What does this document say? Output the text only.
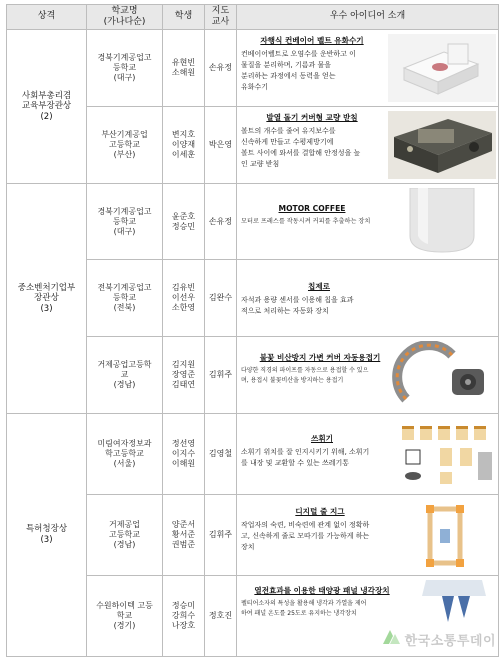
상격	학교명
(가나다순)	학생	지도
교사	우수 아이디어 소개
사회부총리겸
교육부장관상
(2)	경북기계공업고
등학교
(대구)	유현빈
소해원	손유정	자행식 컨베이어 벨트 유화수기
컨베이어벨트로 오염수를 운반하고 이
물질을 분리하며, 기름과 물을
분리하는 과정에서 동력을 얻는
유화수기

	부산기계공업
고등학교
(부산)	변지호
이양재
이세훈	박은영	발열 돌기 커버형 교량 받침
볼트의 개수를 줄여 유지보수를
신속하게 만들고 수평제방기에
볼트 사이에 와셔를 결합해 안정성을 높
인 교량 받침

중소벤처기업부
장관상
(3)	경북기계공업고
등학교
(대구)	윤준호
정승민	손유정	MOTOR COFFEE
모터로 프레스를 작동시켜 커피를 추출하는 장치

	전북기계공업고
등학교
(전북)	김유빈
이선우
소한영	김완수	칩제로
자석과 용량 센서를 이용해 칩을 효과
적으로 처리하는 자동화 장치

	거제공업고등학
교
(경남)	김지원
장영준
김태연	김휘주	불꽃 비산방지 가변 커버 자동용접기
다양한 직경의 파이프를 자동으로 용접할 수 있으
며, 용접시 불꽃비산을 방지하는 용접기

특허청장상
(3)	미림여자정보과
학고등학교
(서울)	정선영
이지수
이해원	김영철	쓰휘기
소휘기 위치를 잘 인지시키기 위해, 소휘기
를 내장 및 교환할 수 있는 쓰레기통

	거제공업
고등학교
(경남)	양준서
황서준
권범준	김휘주	디지털 줄 지그
작업자의 숙련, 비숙련에 관계 없이 정확하
고, 신속하게 줄로 모따기를 가능하게 하는
장치

	수원하이텍 고등
학교
(경기)	정승미
강희수
나장호	정호진	열전효과를 이용한 태양광 패널 냉각장치
펠티어소자의 특성을 활용해 냉각과 가열을 제어
하여 패널 온도를 25도로 유지하는 냉각장치
한국소통투데이
